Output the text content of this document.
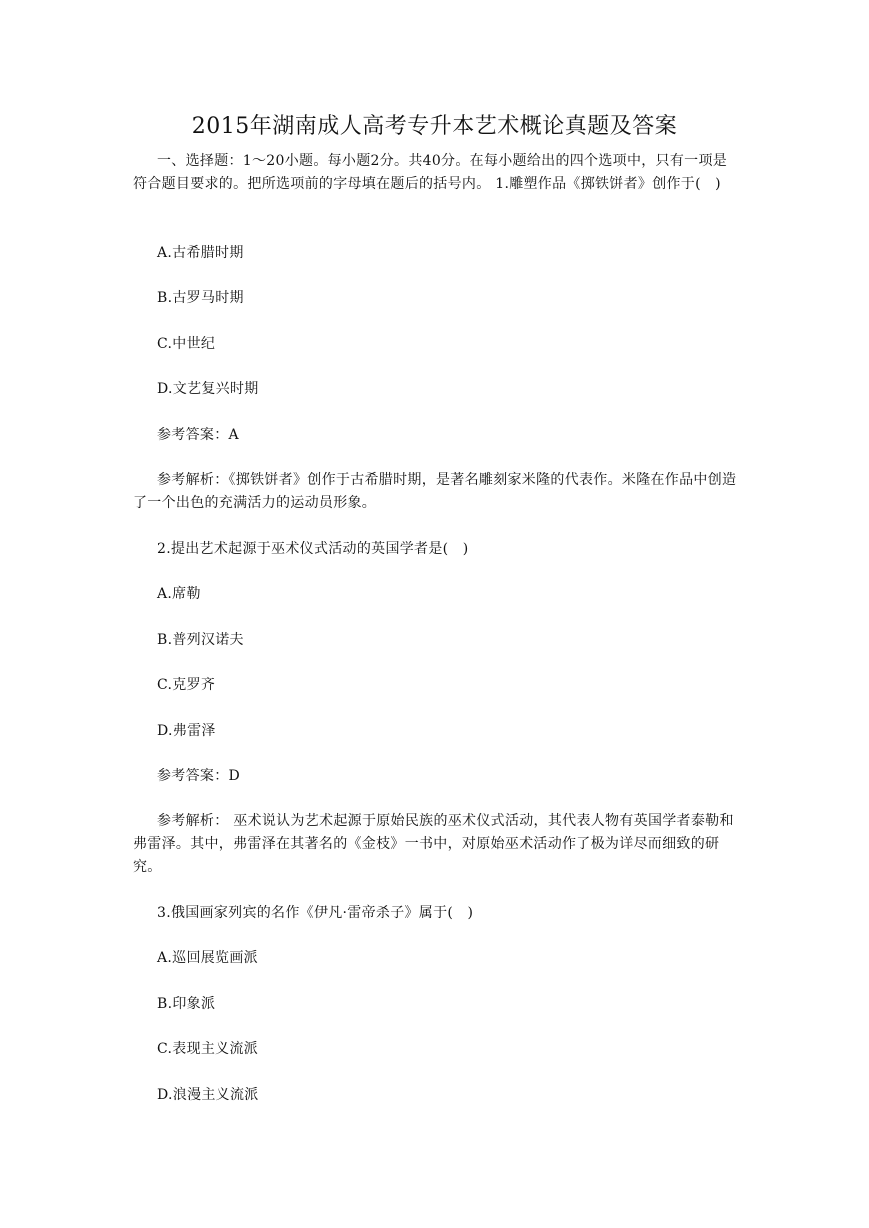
2015年湖南成人高考专升本艺术概论真题及答案
一、选择题：1～20小题。每小题2分。共40分。在每小题给出的四个选项中，只有一项是符合题目要求的。把所选项前的字母填在题后的括号内。 1.雕塑作品《掷铁饼者》创作于(　)
A.古希腊时期
B.古罗马时期
C.中世纪
D.文艺复兴时期
参考答案：A
参考解析：《掷铁饼者》创作于古希腊时期，是著名雕刻家米隆的代表作。米隆在作品中创造了一个出色的充满活力的运动员形象。
2.提出艺术起源于巫术仪式活动的英国学者是(　)
A.席勒
B.普列汉诺夫
C.克罗齐
D.弗雷泽
参考答案：D
参考解析： 巫术说认为艺术起源于原始民族的巫术仪式活动，其代表人物有英国学者泰勒和弗雷泽。其中，弗雷泽在其著名的《金枝》一书中，对原始巫术活动作了极为详尽而细致的研究。
3.俄国画家列宾的名作《伊凡·雷帝杀子》属于(　)
A.巡回展览画派
B.印象派
C.表现主义流派
D.浪漫主义流派
